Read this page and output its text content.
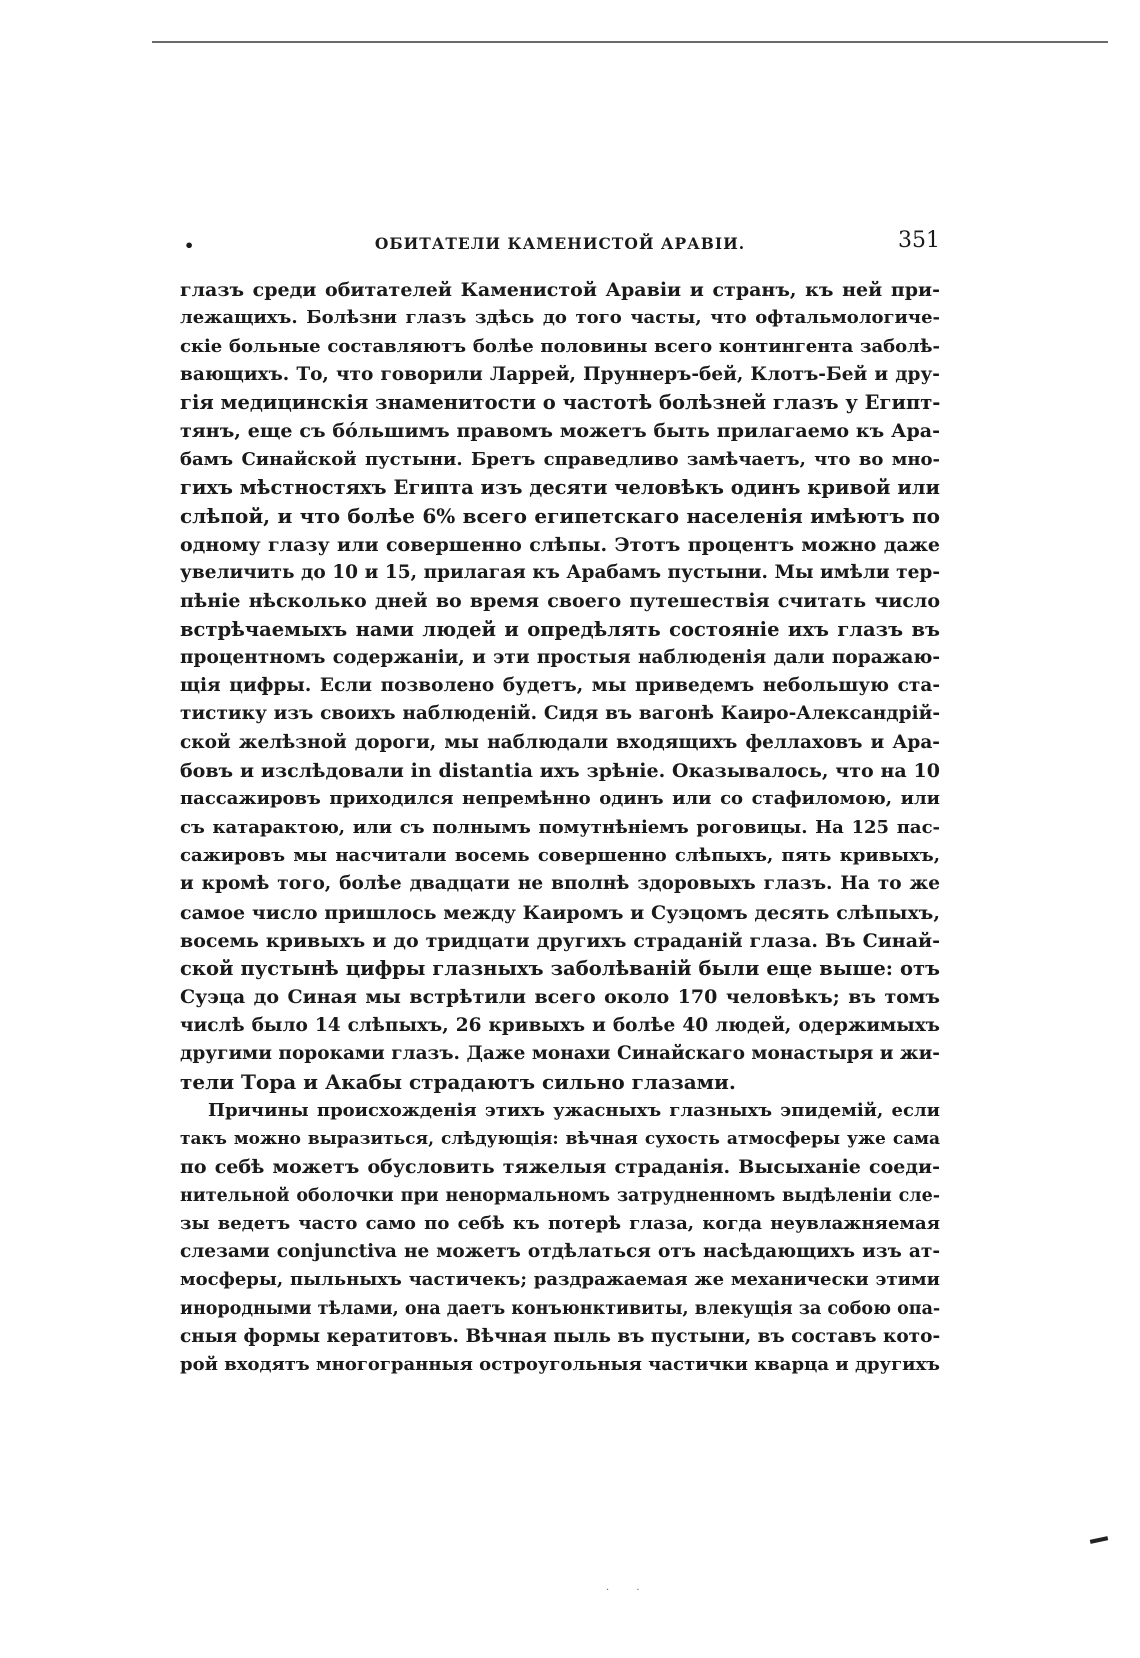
•	ОБИТАТЕЛИ КАМЕНИСТОЙ АРАВІИ.	351
глазъ среди обитателей Каменистой Аравіи и странъ, къ ней при-
лежащихъ. Болѣзни глазъ здѣсь до того часты, что офтальмологиче-
скіе больные составляютъ болѣе половины всего контингента заболѣ-
вающихъ. То, что говорили Ларрей, Пруннеръ-бей, Клотъ-Бей и дру-
гія медицинскія знаменитости о частотѣ болѣзней глазъ у Египт-
тянъ, еще съ бóльшимъ правомъ можетъ быть прилагаемо къ Ара-
бамъ Синайской пустыни. Бретъ справедливо замѣчаетъ, что во мно-
гихъ мѣстностяхъ Египта изъ десяти человѣкъ одинъ кривой или
слѣпой, и что болѣе 6% всего египетскаго населенія имѣютъ по
одному глазу или совершенно слѣпы. Этотъ процентъ можно даже
увеличить до 10 и 15, прилагая къ Арабамъ пустыни. Мы имѣли тер-
пѣніе нѣсколько дней во время своего путешествія считать число
встрѣчаемыхъ нами людей и опредѣлять состояніе ихъ глазъ въ
процентномъ содержаніи, и эти простыя наблюденія дали поражаю-
щія цифры. Если позволено будетъ, мы приведемъ небольшую ста-
тистику изъ своихъ наблюденій. Сидя въ вагонѣ Каиро-Александрій-
ской желѣзной дороги, мы наблюдали входящихъ феллаховъ и Ара-
бовъ и изслѣдовали in distantia ихъ зрѣніе. Оказывалось, что на 10
пассажировъ приходился непремѣнно одинъ или со стафиломою, или
съ катарактою, или съ полнымъ помутнѣніемъ роговицы. На 125 пас-
сажировъ мы насчитали восемь совершенно слѣпыхъ, пять кривыхъ,
и кромѣ того, болѣе двадцати не вполнѣ здоровыхъ глазъ. На то же
самое число пришлось между Каиромъ и Суэцомъ десять слѣпыхъ,
восемь кривыхъ и до тридцати другихъ страданій глаза. Въ Синай-
ской пустынѣ цифры глазныхъ заболѣваній были еще выше: отъ
Суэца до Синая мы встрѣтили всего около 170 человѣкъ; въ томъ
числѣ было 14 слѣпыхъ, 26 кривыхъ и болѣе 40 людей, одержимыхъ
другими пороками глазъ. Даже монахи Синайскаго монастыря и жи-
тели Тора и Акабы страдаютъ сильно глазами.
Причины происхожденія этихъ ужасныхъ глазныхъ эпидемій, если
такъ можно выразиться, слѣдующія: вѣчная сухость атмосферы уже сама
по себѣ можетъ обусловить тяжелыя страданія. Высыханіе соеди-
нительной оболочки при ненормальномъ затрудненномъ выдѣленіи сле-
зы ведетъ часто само по себѣ къ потерѣ глаза, когда неувлажняемая
слезами conjunctiva не можетъ отдѣлаться отъ насѣдающихъ изъ ат-
мосферы, пыльныхъ частичекъ; раздражаемая же механически этими
инородными тѣлами, она даетъ конъюнктивиты, влекущія за собою опа-
сныя формы кератитовъ. Вѣчная пыль въ пустыни, въ составъ кото-
рой входятъ многогранныя остроугольныя частички кварца и другихъ
· ·
